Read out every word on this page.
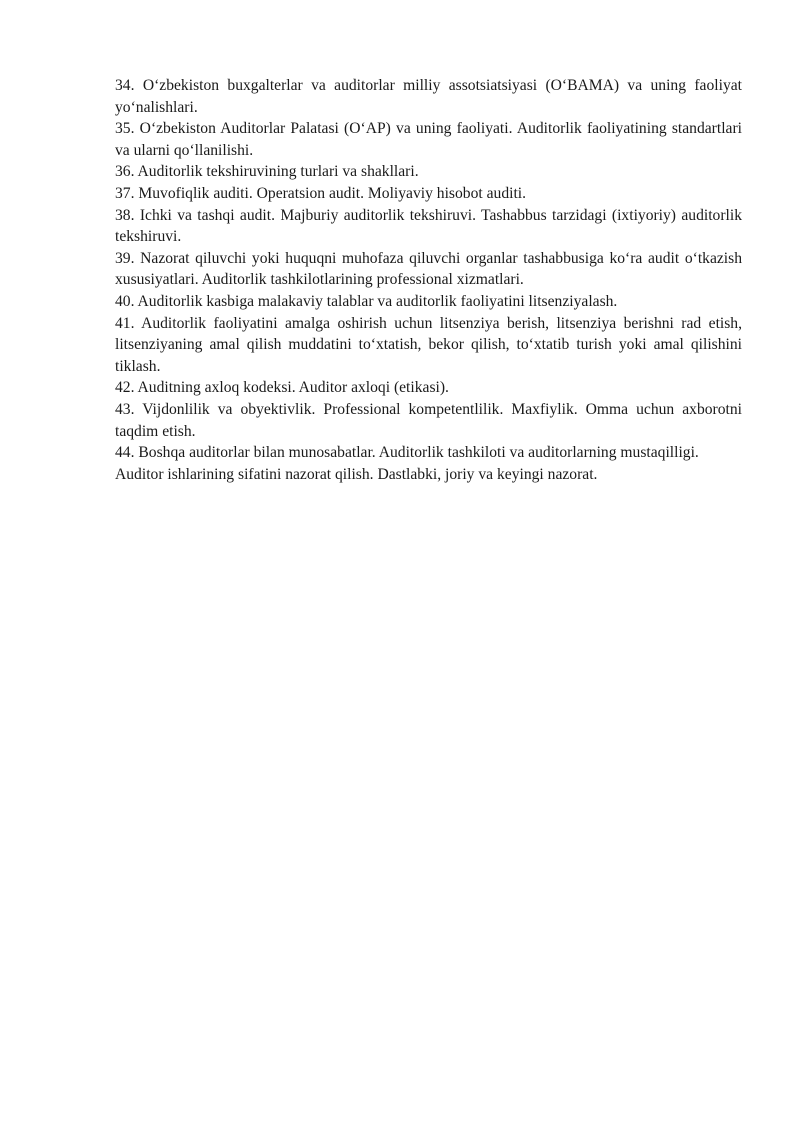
34. O‘zbekiston buxgalterlar va auditorlar milliy assotsiatsiyasi (O‘BAMA) va uning faoliyat yo‘nalishlari.

35. O‘zbekiston Auditorlar Palatasi (O‘AP) va uning faoliyati. Auditorlik faoliyatining standartlari va ularni qo‘llanilishi.

36. Auditorlik tekshiruvining turlari va shakllari.

37. Muvofiqlik auditi. Operatsion audit. Moliyaviy hisobot auditi.

38. Ichki va tashqi audit. Majburiy auditorlik tekshiruvi. Tashabbus tarzidagi (ixtiyoriy) auditorlik tekshiruvi.

39. Nazorat qiluvchi yoki huquqni muhofaza qiluvchi organlar tashabbusiga ko‘ra audit o‘tkazish xususiyatlari. Auditorlik tashkilotlarining professional xizmatlari.

40. Auditorlik kasbiga malakaviy talablar va auditorlik faoliyatini litsenziyalash.

41. Auditorlik faoliyatini amalga oshirish uchun litsenziya berish, litsenziya berishni rad etish, litsenziyaning amal qilish muddatini to‘xtatish, bekor qilish, to‘xtatib turish yoki amal qilishini tiklash.

42. Auditning axloq kodeksi. Auditor axloqi (etikasi).

43. Vijdonlilik va obyektivlik. Professional kompetentlilik. Maxfiylik. Omma uchun axborotni taqdim etish.

44. Boshqa auditorlar bilan munosabatlar. Auditorlik tashkiloti va auditorlarning mustaqilligi. Auditor ishlarining sifatini nazorat qilish. Dastlabki, joriy va keyingi nazorat.
